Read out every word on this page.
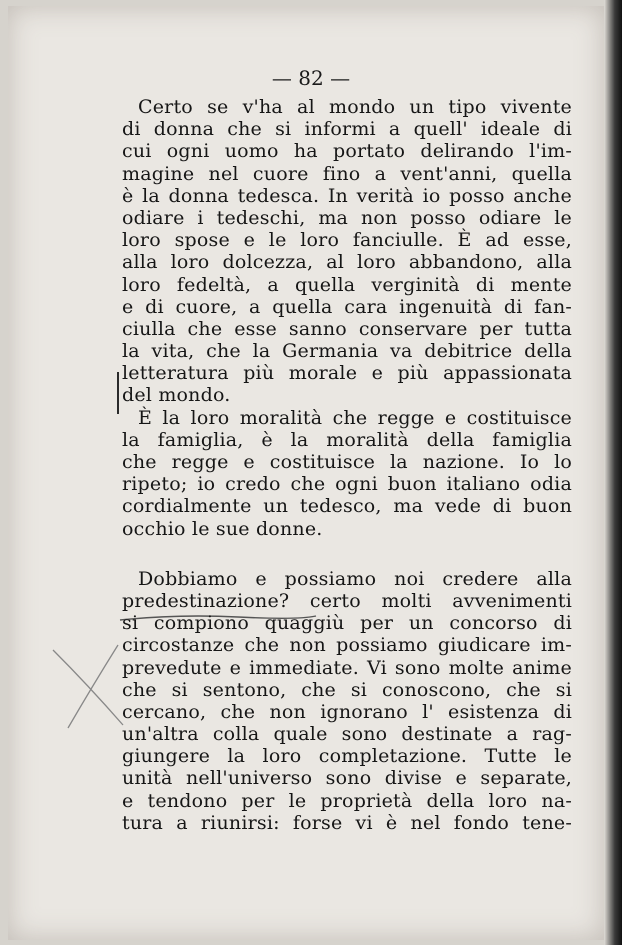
— 82 —
Certo se v'ha al mondo un tipo vivente
di donna che si informi a quell' ideale di
cui ogni uomo ha portato delirando l'im-
magine nel cuore fino a vent'anni, quella
è la donna tedesca. In verità io posso anche
odiare i tedeschi, ma non posso odiare le
loro spose e le loro fanciulle. È ad esse,
alla loro dolcezza, al loro abbandono, alla
loro fedeltà, a quella verginità di mente
e di cuore, a quella cara ingenuità di fan-
ciulla che esse sanno conservare per tutta
la vita, che la Germania va debitrice della
letteratura più morale e più appassionata
del mondo.
È la loro moralità che regge e costituisce
la famiglia, è la moralità della famiglia
che regge e costituisce la nazione. Io lo
ripeto; io credo che ogni buon italiano odia
cordialmente un tedesco, ma vede di buon
occhio le sue donne.
Dobbiamo e possiamo noi credere alla
predestinazione? certo molti avvenimenti
si compiono quaggiù per un concorso di
circostanze che non possiamo giudicare im-
prevedute e immediate. Vi sono molte anime
che si sentono, che si conoscono, che si
cercano, che non ignorano l' esistenza di
un'altra colla quale sono destinate a rag-
giungere la loro completazione. Tutte le
unità nell'universo sono divise e separate,
e tendono per le proprietà della loro na-
tura a riunirsi: forse vi è nel fondo tene-
